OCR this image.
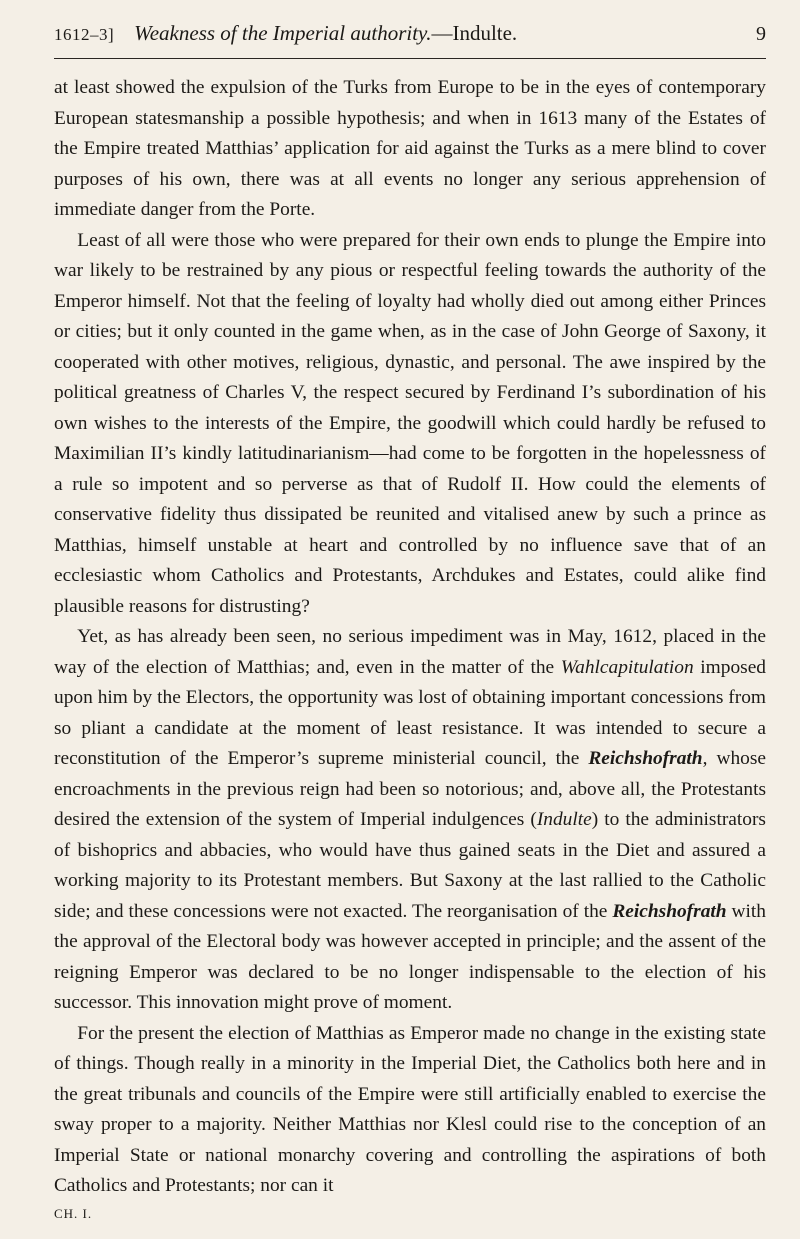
1612–3] Weakness of the Imperial authority.—Indulte.	9

at least showed the expulsion of the Turks from Europe to be in the eyes of contemporary European statesmanship a possible hypothesis; and when in 1613 many of the Estates of the Empire treated Matthias’ application for aid against the Turks as a mere blind to cover purposes of his own, there was at all events no longer any serious apprehension of immediate danger from the Porte.

Least of all were those who were prepared for their own ends to plunge the Empire into war likely to be restrained by any pious or respectful feeling towards the authority of the Emperor himself. Not that the feeling of loyalty had wholly died out among either Princes or cities; but it only counted in the game when, as in the case of John George of Saxony, it cooperated with other motives, religious, dynastic, and personal. The awe inspired by the political greatness of Charles V, the respect secured by Ferdinand I’s subordination of his own wishes to the interests of the Empire, the goodwill which could hardly be refused to Maximilian II’s kindly latitudinarianism—had come to be forgotten in the hopelessness of a rule so impotent and so perverse as that of Rudolf II. How could the elements of conservative fidelity thus dissipated be reunited and vitalised anew by such a prince as Matthias, himself unstable at heart and controlled by no influence save that of an ecclesiastic whom Catholics and Protestants, Archdukes and Estates, could alike find plausible reasons for distrusting?

Yet, as has already been seen, no serious impediment was in May, 1612, placed in the way of the election of Matthias; and, even in the matter of the Wahlcapitulation imposed upon him by the Electors, the opportunity was lost of obtaining important concessions from so pliant a candidate at the moment of least resistance. It was intended to secure a reconstitution of the Emperor’s supreme ministerial council, the Reichshofrath, whose encroachments in the previous reign had been so notorious; and, above all, the Protestants desired the extension of the system of Imperial indulgences (Indulte) to the administrators of bishoprics and abbacies, who would have thus gained seats in the Diet and assured a working majority to its Protestant members. But Saxony at the last rallied to the Catholic side; and these concessions were not exacted. The reorganisation of the Reichshofrath with the approval of the Electoral body was however accepted in principle; and the assent of the reigning Emperor was declared to be no longer indispensable to the election of his successor. This innovation might prove of moment.

For the present the election of Matthias as Emperor made no change in the existing state of things. Though really in a minority in the Imperial Diet, the Catholics both here and in the great tribunals and councils of the Empire were still artificially enabled to exercise the sway proper to a majority. Neither Matthias nor Klesl could rise to the conception of an Imperial State or national monarchy covering and controlling the aspirations of both Catholics and Protestants; nor can it

CH. I.
